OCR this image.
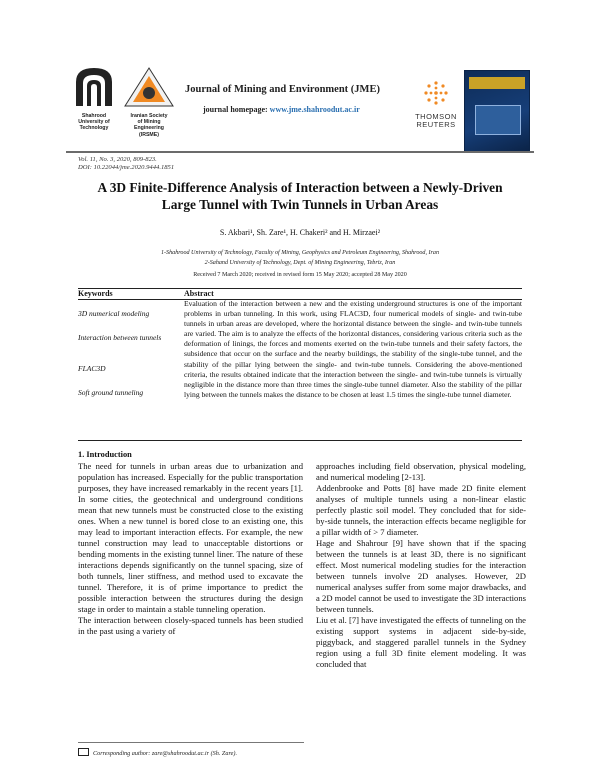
Shahrood
University of
Technology
Iranian Society
of Mining
Engineering
(IRSME)
Journal of Mining and Environment (JME)
journal homepage: www.jme.shahroodut.ac.ir
THOMSON
REUTERS
Vol. 11, No. 3, 2020, 809-823.
DOI: 10.22044/jme.2020.9444.1851
A 3D Finite-Difference Analysis of Interaction between a Newly-Driven Large Tunnel with Twin Tunnels in Urban Areas
S. Akbari¹, Sh. Zare¹, H. Chakeri² and H. Mirzaei²
1-Shahrood University of Technology, Faculty of Mining, Geophysics and Petroleum Engineering, Shahrood, Iran
2-Sahand University of Technology, Dept. of Mining Engineering, Tebriz, Iran
Received 7 March 2020; received in revised form 15 May 2020; accepted 28 May 2020
Keywords	Abstract
3D numerical modeling
Interaction between tunnels
FLAC3D
Soft ground tunneling
Evaluation of the interaction between a new and the existing underground structures is one of the important problems in urban tunneling. In this work, using FLAC3D, four numerical models of single- and twin-tube tunnels in urban areas are developed, where the horizontal distance between the single- and twin-tube tunnels are varied. The aim is to analyze the effects of the horizontal distances, considering various criteria such as the deformation of linings, the forces and moments exerted on the twin-tube tunnels and their safety factors, the subsidence that occur on the surface and the nearby buildings, the stability of the single-tube tunnel, and the stability of the pillar lying between the single- and twin-tube tunnels. Considering the above-mentioned criteria, the results obtained indicate that the interaction between the single- and twin-tube tunnels is virtually negligible in the distance more than three times the single-tube tunnel diameter. Also the stability of the pillar lying between the tunnels makes the distance to be chosen at least 1.5 times the single-tube tunnel diameter.
1. Introduction

The need for tunnels in urban areas due to urbanization and population has increased. Especially for the public transportation purposes, they have increased remarkably in the recent years [1]. In some cities, the geotechnical and underground conditions mean that new tunnels must be constructed close to the existing ones. When a new tunnel is bored close to an existing one, this may lead to important interaction effects. For example, the new tunnel construction may lead to unacceptable distortions or bending moments in the existing tunnel liner. The nature of these interactions depends significantly on the tunnel spacing, size of both tunnels, liner stiffness, and method used to excavate the tunnel. Therefore, it is of prime importance to predict the possible interaction between the structures during the design stage in order to maintain a stable tunneling operation.

The interaction between closely-spaced tunnels has been studied in the past using a variety of

approaches including field observation, physical modeling, and numerical modeling [2-13].

Addenbrooke and Potts [8] have made 2D finite element analyses of multiple tunnels using a non-linear elastic perfectly plastic soil model. They concluded that for side-by-side tunnels, the interaction effects became negligible for a pillar width of > 7 diameter.

Hage and Shahrour [9] have shown that if the spacing between the tunnels is at least 3D, there is no significant effect. Most numerical modeling studies for the interaction between tunnels involve 2D analyses. However, 2D numerical analyses suffer from some major drawbacks, and a 2D model cannot be used to investigate the 3D interactions between tunnels.

Liu et al. [7] have investigated the effects of tunneling on the existing support systems in adjacent side-by-side, piggyback, and staggered parallel tunnels in the Sydney region using a full 3D finite element modeling. It was concluded that

Corresponding author: zare@shahroodut.ac.ir (Sh. Zare).
